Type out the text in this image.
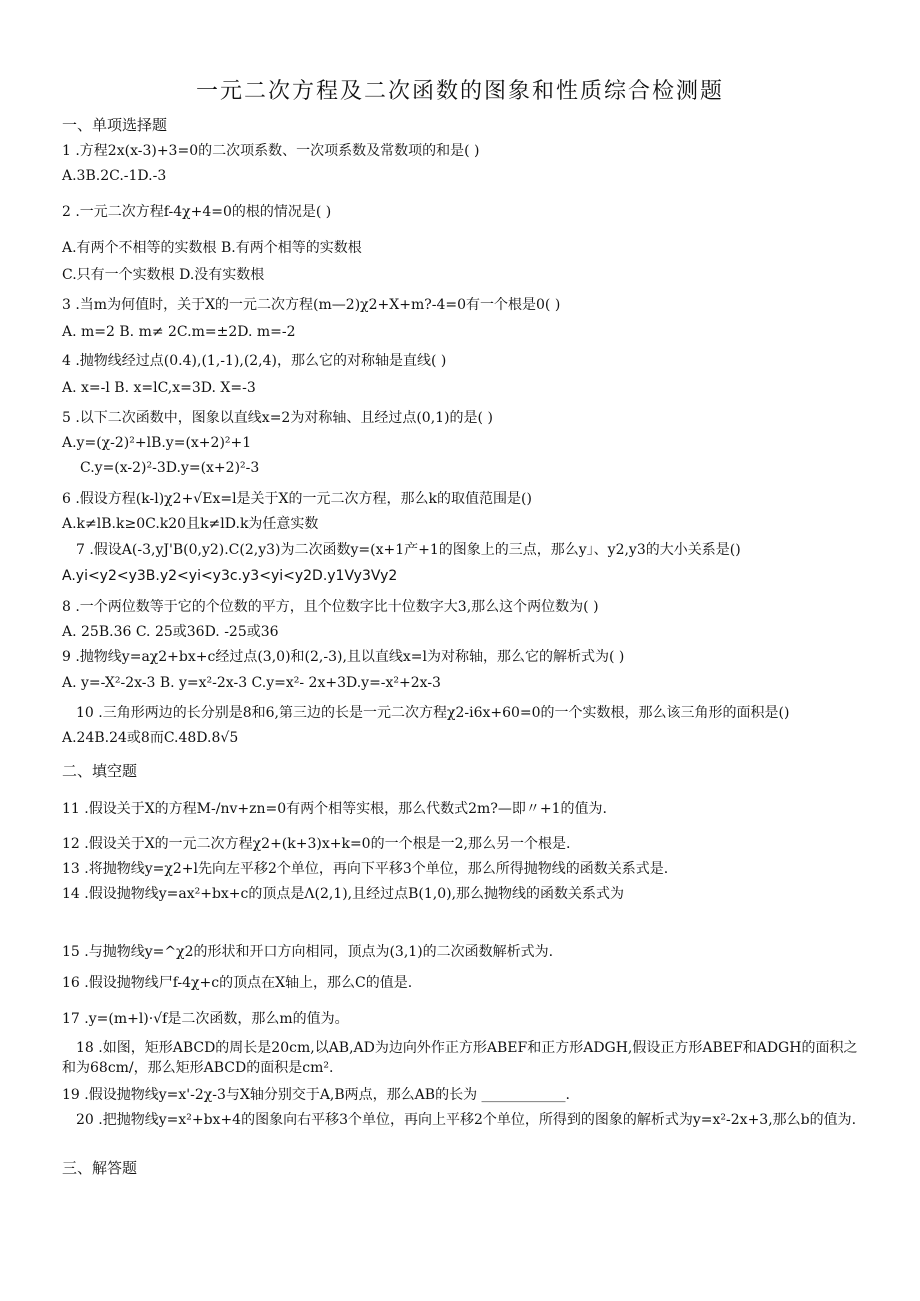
一元二次方程及二次函数的图象和性质综合检测题
一、单项选择题
1 .方程2x(x-3)+3=0的二次项系数、一次项系数及常数项的和是( )
A.3B.2C.-1D.-3
2 .一元二次方程f-4χ+4=0的根的情况是( )
A.有两个不相等的实数根 B.有两个相等的实数根
C.只有一个实数根 D.没有实数根
3 .当m为何值时，关于X的一元二次方程(m—2)χ2+X+m?-4=0有一个根是0( )
A. m=2 B. m≠ 2C.m=±2D. m=-2
4 .抛物线经过点(0.4),(1,-1),(2,4)，那么它的对称轴是直线( )
A. x=-l B. x=lC,x=3D. X=-3
5 .以下二次函数中，图象以直线x=2为对称轴、且经过点(0,1)的是( )
A.y=(χ-2)²+lB.y=(x+2)²+1
C.y=(x-2)²-3D.y=(x+2)²-3
6 .假设方程(k-l)χ2+√Ex=l是关于X的一元二次方程，那么k的取值范围是()
A.k≠lB.k≥0C.k20且k≠lD.k为任意实数
7 .假设A(-3,yJ'B(0,y2).C(2,y3)为二次函数y=(x+1产+1的图象上的三点，那么y」、y2,y3的大小关系是()
A.yi<y2<y3B.y2<yi<y3c.y3<yi<y2D.y1Vy3Vy2
8 .一个两位数等于它的个位数的平方，且个位数字比十位数字大3,那么这个两位数为( )
A. 25B.36 C. 25或36D. -25或36
9 .抛物线y=aχ2+bx+c经过点(3,0)和(2,-3),且以直线x=l为对称轴，那么它的解析式为( )
A. y=-X²-2x-3 B. y=x²-2x-3 C.y=x²- 2x+3D.y=-x²+2x-3
10 .三角形两边的长分别是8和6,第三边的长是一元二次方程χ2-i6x+60=0的一个实数根，那么该三角形的面积是()
A.24B.24或8而C.48D.8√5
二、填空题
11 .假设关于X的方程M-/nv+zn=0有两个相等实根，那么代数式2m?—即〃+1的值为.
12 .假设关于X的一元二次方程χ2+(k+3)x+k=0的一个根是一2,那么另一个根是.
13 .将抛物线y=χ2+l先向左平移2个单位，再向下平移3个单位，那么所得抛物线的函数关系式是.
14 .假设抛物线y=ax²+bx+c的顶点是Λ(2,1),且经过点B(1,0),那么抛物线的函数关系式为
15 .与抛物线y=^χ2的形状和开口方向相同，顶点为(3,1)的二次函数解析式为.
16 .假设抛物线尸f-4χ+c的顶点在X轴上，那么C的值是.
17 .y=(m+l)·√f是二次函数，那么m的值为。
18 .如图，矩形ABCD的周长是20cm,以AB,AD为边向外作正方形ABEF和正方形ADGH,假设正方形ABEF和ADGH的面积之和为68cm/，那么矩形ABCD的面积是cm².
19 .假设抛物线y=x'-2χ-3与X轴分别交于A,B两点，那么AB的长为 ____________.
20 .把抛物线y=x²+bx+4的图象向右平移3个单位，再向上平移2个单位，所得到的图象的解析式为y=x²-2x+3,那么b的值为.
三、解答题
